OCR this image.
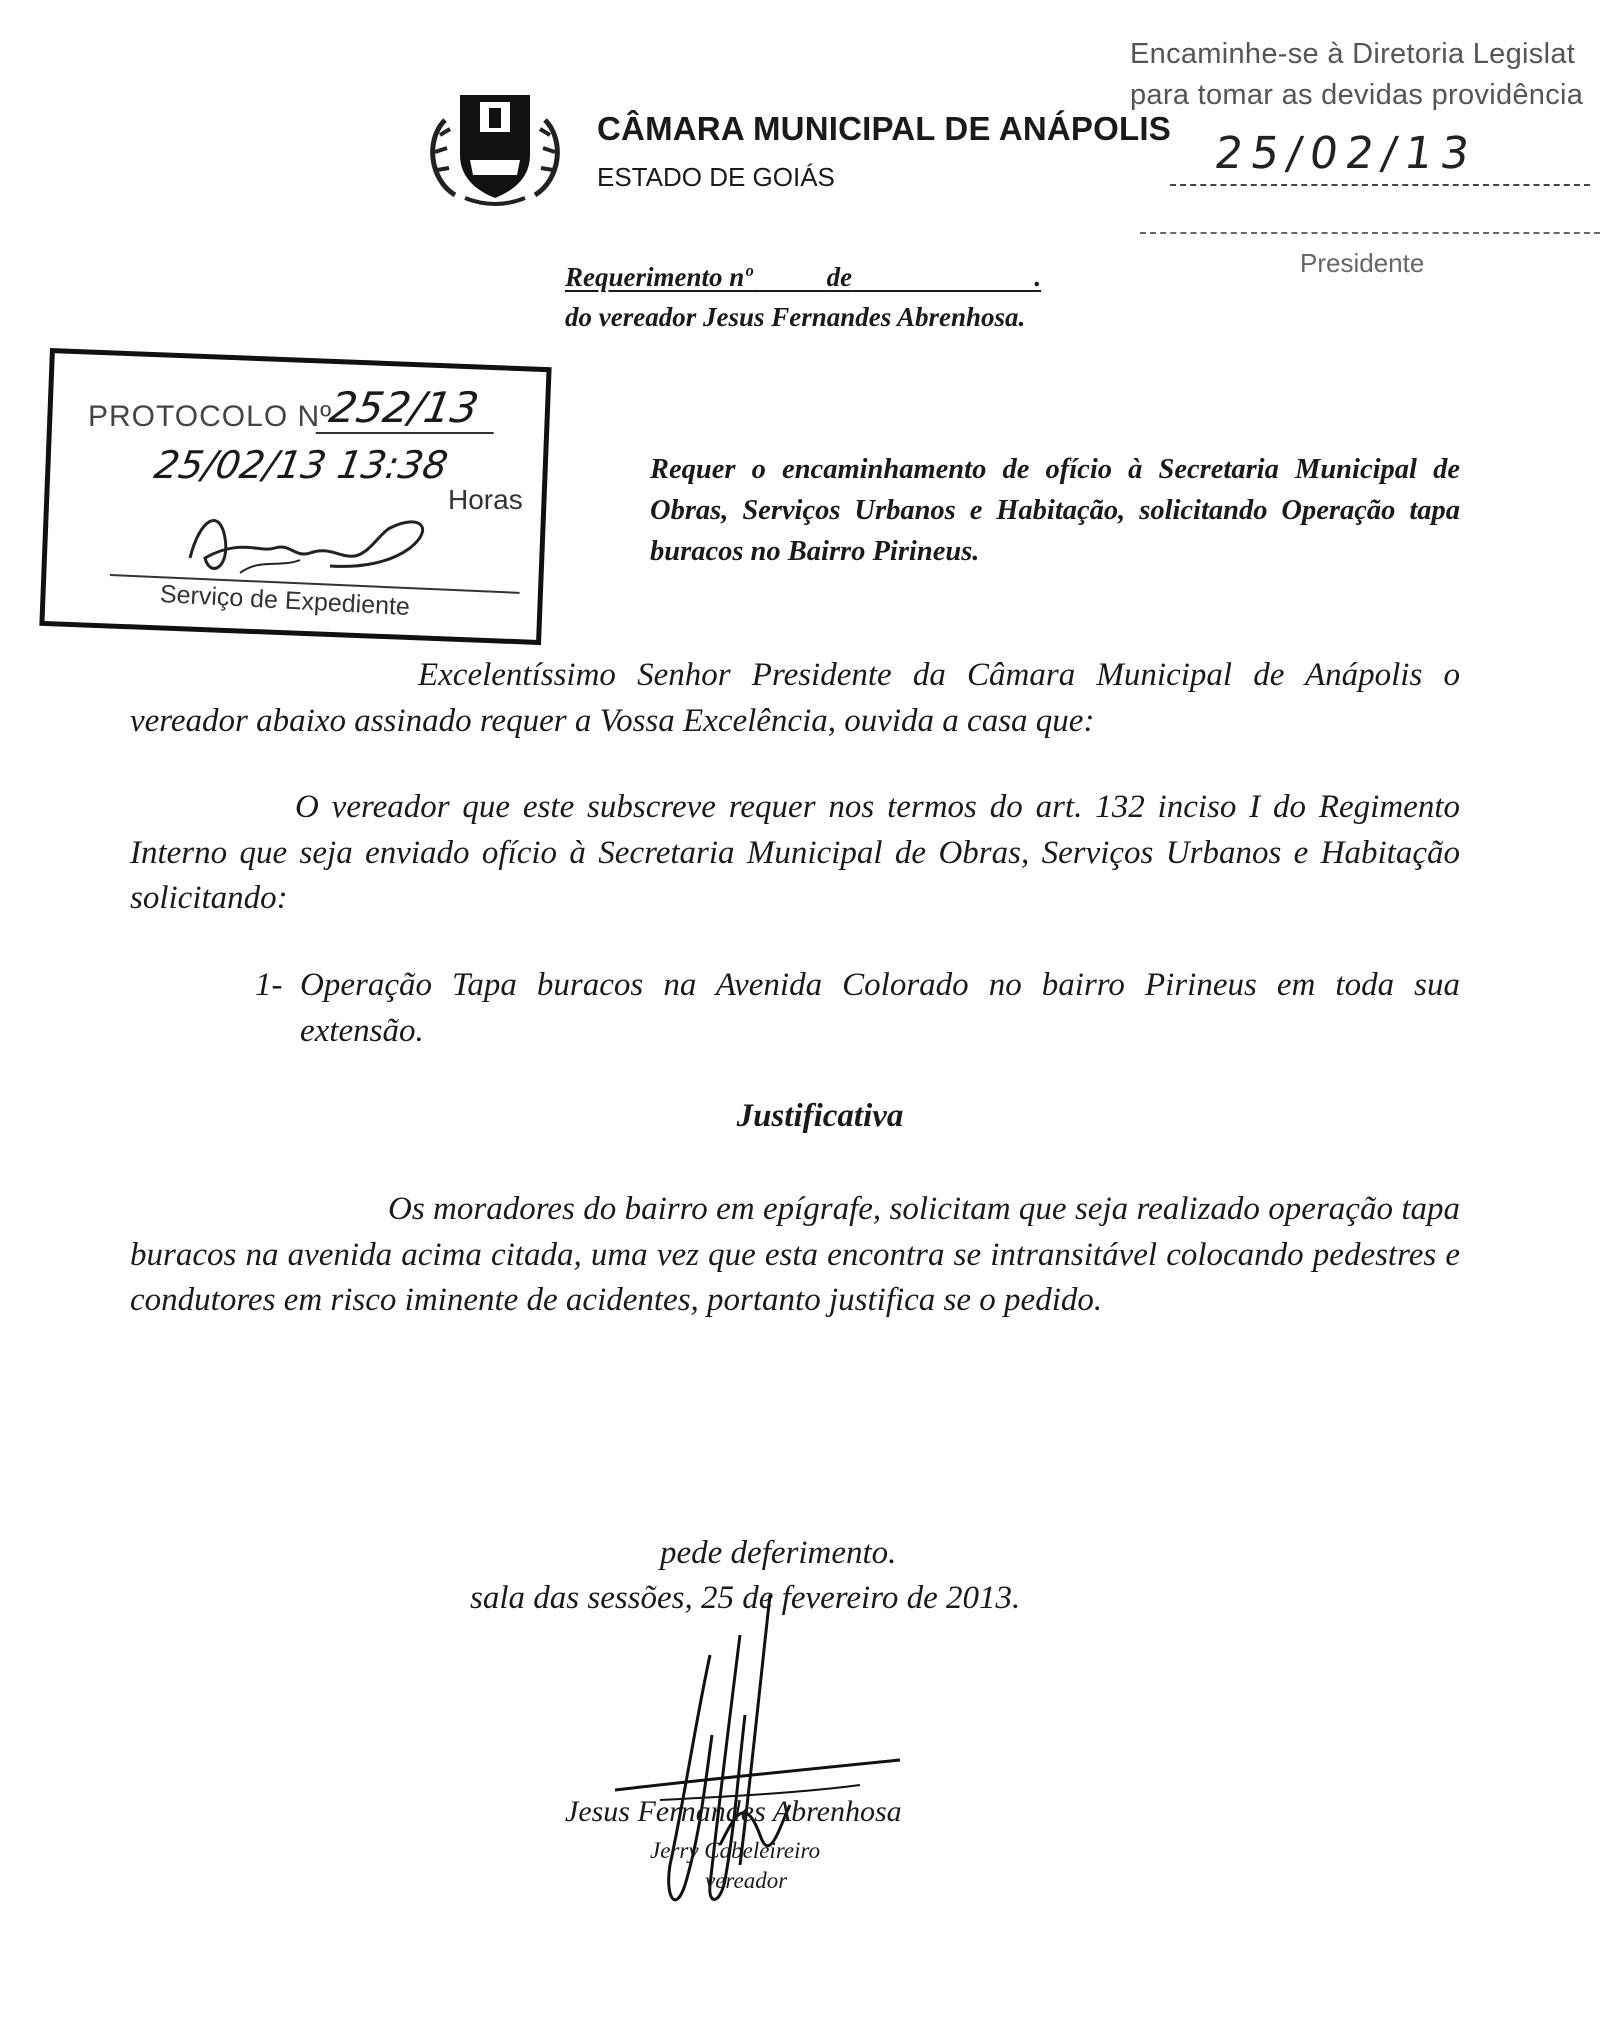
CÂMARA MUNICIPAL DE ANÁPOLIS
ESTADO DE GOIÁS
Encaminhe-se à Diretoria Legislat
para tomar as devidas providência
25/02/13
Presidente
Requerimento nº	de	.
do vereador Jesus Fernandes Abrenhosa.
PROTOCOLO Nº
252/13
25/02/13 13:38
Horas
Serviço de Expediente
Requer o encaminhamento de ofício à Secretaria Municipal de Obras, Serviços Urbanos e Habitação, solicitando Operação tapa buracos no Bairro Pirineus.
Excelentíssimo Senhor Presidente da Câmara Municipal de Anápolis o vereador abaixo assinado requer a Vossa Excelência, ouvida a casa que:
O vereador que este subscreve requer nos termos do art. 132 inciso I do Regimento Interno que seja enviado ofício à Secretaria Municipal de Obras, Serviços Urbanos e Habitação solicitando:
1- Operação Tapa buracos na Avenida Colorado no bairro Pirineus em toda sua extensão.
Justificativa
Os moradores do bairro em epígrafe, solicitam que seja realizado operação tapa buracos na avenida acima citada, uma vez que esta encontra se intransitável colocando pedestres e condutores em risco iminente de acidentes, portanto justifica se o pedido.
pede deferimento.
sala das sessões, 25 de fevereiro de 2013.
Jesus Fernandes Abrenhosa
Jerry Cabeleireiro
vereador
